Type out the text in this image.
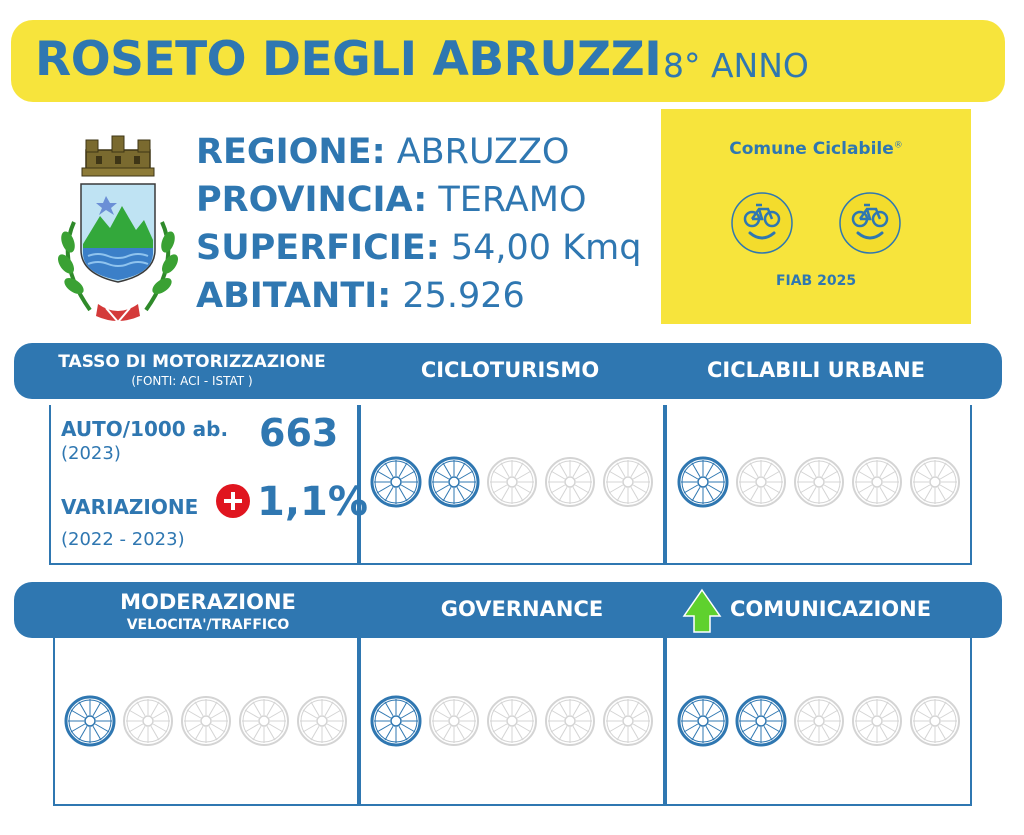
ROSETO DEGLI ABRUZZI 8° ANNO
REGIONE: ABRUZZO
PROVINCIA: TERAMO
SUPERFICIE: 54,00 Kmq
ABITANTI: 25.926
Comune Ciclabile®
FIAB 2025
TASSO DI MOTORIZZAZIONE
(FONTI: ACI - ISTAT )	CICLOTURISMO	CICLABILI URBANE
AUTO/1000 ab.
(2023)	663
VARIAZIONE 1,1%
(2022 - 2023)
MODERAZIONE
VELOCITA'/TRAFFICO
GOVERNANCE	COMUNICAZIONE
